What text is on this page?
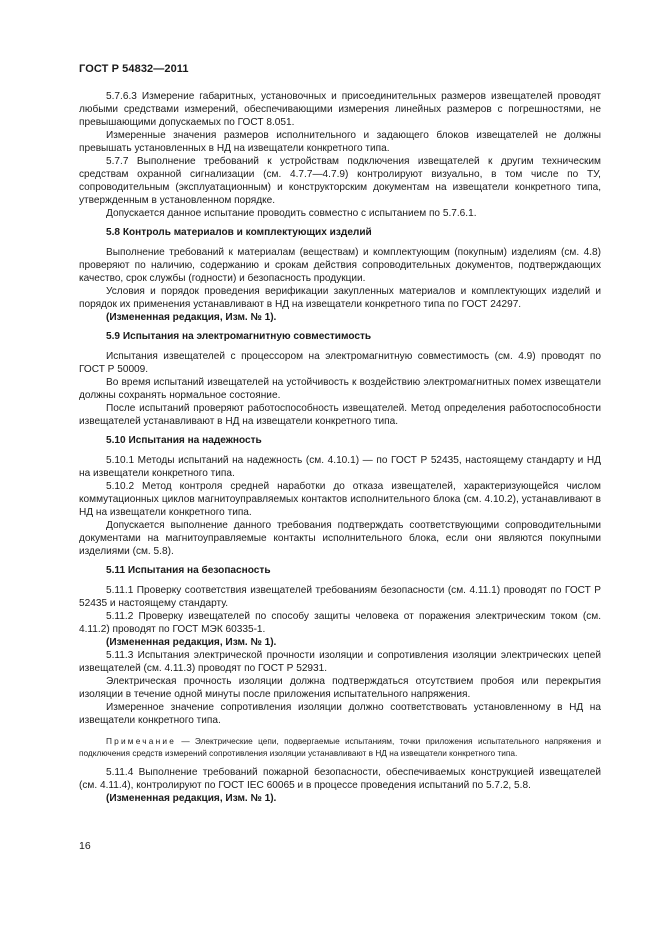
ГОСТ Р 54832—2011

5.7.6.3 Измерение габаритных, установочных и присоединительных размеров извещателей проводят любыми средствами измерений, обеспечивающими измерения линейных размеров с погрешностями, не превышающими допускаемых по ГОСТ 8.051.

Измеренные значения размеров исполнительного и задающего блоков извещателей не должны превышать установленных в НД на извещатели конкретного типа.

5.7.7 Выполнение требований к устройствам подключения извещателей к другим техническим средствам охранной сигнализации (см. 4.7.7—4.7.9) контролируют визуально, в том числе по ТУ, сопроводительным (эксплуатационным) и конструкторским документам на извещатели конкретного типа, утвержденным в установленном порядке.

Допускается данное испытание проводить совместно с испытанием по 5.7.6.1.

5.8 Контроль материалов и комплектующих изделий

Выполнение требований к материалам (веществам) и комплектующим (покупным) изделиям (см. 4.8) проверяют по наличию, содержанию и срокам действия сопроводительных документов, подтверждающих качество, срок службы (годности) и безопасность продукции.

Условия и порядок проведения верификации закупленных материалов и комплектующих изделий и порядок их применения устанавливают в НД на извещатели конкретного типа по ГОСТ 24297.

(Измененная редакция, Изм. № 1).

5.9 Испытания на электромагнитную совместимость

Испытания извещателей с процессором на электромагнитную совместимость (см. 4.9) проводят по ГОСТ Р 50009.

Во время испытаний извещателей на устойчивость к воздействию электромагнитных помех извещатели должны сохранять нормальное состояние.

После испытаний проверяют работоспособность извещателей. Метод определения работоспособности извещателей устанавливают в НД на извещатели конкретного типа.

5.10 Испытания на надежность

5.10.1 Методы испытаний на надежность (см. 4.10.1) — по ГОСТ Р 52435, настоящему стандарту и НД на извещатели конкретного типа.

5.10.2 Метод контроля средней наработки до отказа извещателей, характеризующейся числом коммутационных циклов магнитоуправляемых контактов исполнительного блока (см. 4.10.2), устанавливают в НД на извещатели конкретного типа.

Допускается выполнение данного требования подтверждать соответствующими сопроводительными документами на магнитоуправляемые контакты исполнительного блока, если они являются покупными изделиями (см. 5.8).

5.11 Испытания на безопасность

5.11.1 Проверку соответствия извещателей требованиям безопасности (см. 4.11.1) проводят по ГОСТ Р 52435 и настоящему стандарту.

5.11.2 Проверку извещателей по способу защиты человека от поражения электрическим током (см. 4.11.2) проводят по ГОСТ МЭК 60335-1.

(Измененная редакция, Изм. № 1).

5.11.3 Испытания электрической прочности изоляции и сопротивления изоляции электрических цепей извещателей (см. 4.11.3) проводят по ГОСТ Р 52931.

Электрическая прочность изоляции должна подтверждаться отсутствием пробоя или перекрытия изоляции в течение одной минуты после приложения испытательного напряжения.

Измеренное значение сопротивления изоляции должно соответствовать установленному в НД на извещатели конкретного типа.

Примечание — Электрические цепи, подвергаемые испытаниям, точки приложения испытательного напряжения и подключения средств измерений сопротивления изоляции устанавливают в НД на извещатели конкретного типа.

5.11.4 Выполнение требований пожарной безопасности, обеспечиваемых конструкцией извещателей (см. 4.11.4), контролируют по ГОСТ IEC 60065 и в процессе проведения испытаний по 5.7.2, 5.8.

(Измененная редакция, Изм. № 1).

16
